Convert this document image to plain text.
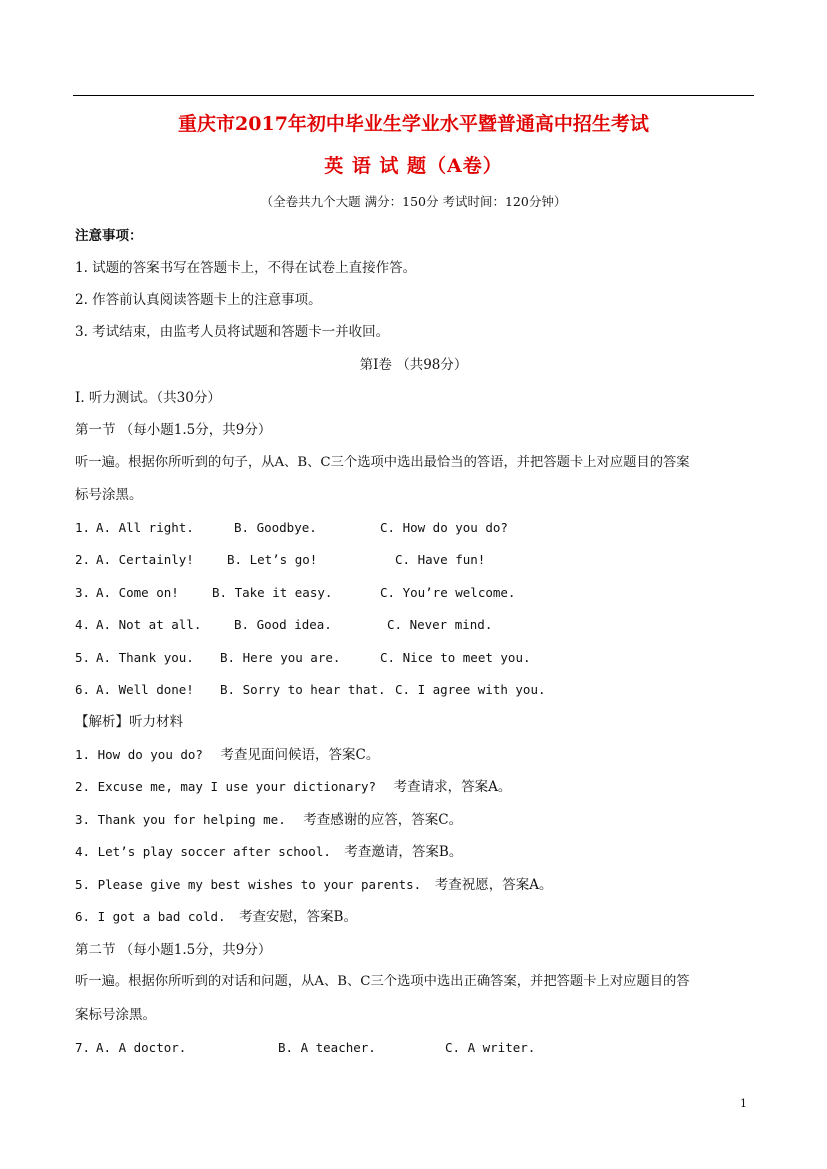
重庆市2017年初中毕业生学业水平暨普通高中招生考试
英 语 试 题（A卷）
（全卷共九个大题 满分：150分 考试时间：120分钟）
注意事项：
1. 试题的答案书写在答题卡上，不得在试卷上直接作答。
2. 作答前认真阅读答题卡上的注意事项。
3. 考试结束，由监考人员将试题和答题卡一并收回。
第Ⅰ卷 （共98分）
Ⅰ. 听力测试。（共30分）
第一节 （每小题1.5分，共9分）
听一遍。根据你所听到的句子，从A、B、C三个选项中选出最恰当的答语，并把答题卡上对应题目的答案
标号涂黑。
1. A. All right.	B. Goodbye.	C. How do you do?
2. A. Certainly!	B. Let’s go!	C. Have fun!
3. A. Come on!	B. Take it easy.	C. You’re welcome.
4. A. Not at all.	B. Good idea.	C. Never mind.
5. A. Thank you. B. Here you are.	C. Nice to meet you.
6. A. Well done! B. Sorry to hear that. C. I agree with you.
【解析】听力材料
1. How do you do? 考查见面问候语，答案C。
2. Excuse me, may I use your dictionary? 考查请求，答案A。
3. Thank you for helping me. 考查感谢的应答，答案C。
4. Let’s play soccer after school. 考查邀请，答案B。
5. Please give my best wishes to your parents. 考查祝愿，答案A。
6. I got a bad cold. 考查安慰，答案B。
第二节 （每小题1.5分，共9分）
听一遍。根据你所听到的对话和问题，从A、B、C三个选项中选出正确答案，并把答题卡上对应题目的答
案标号涂黑。
7. A. A doctor.	B. A teacher.	C. A writer.
1
